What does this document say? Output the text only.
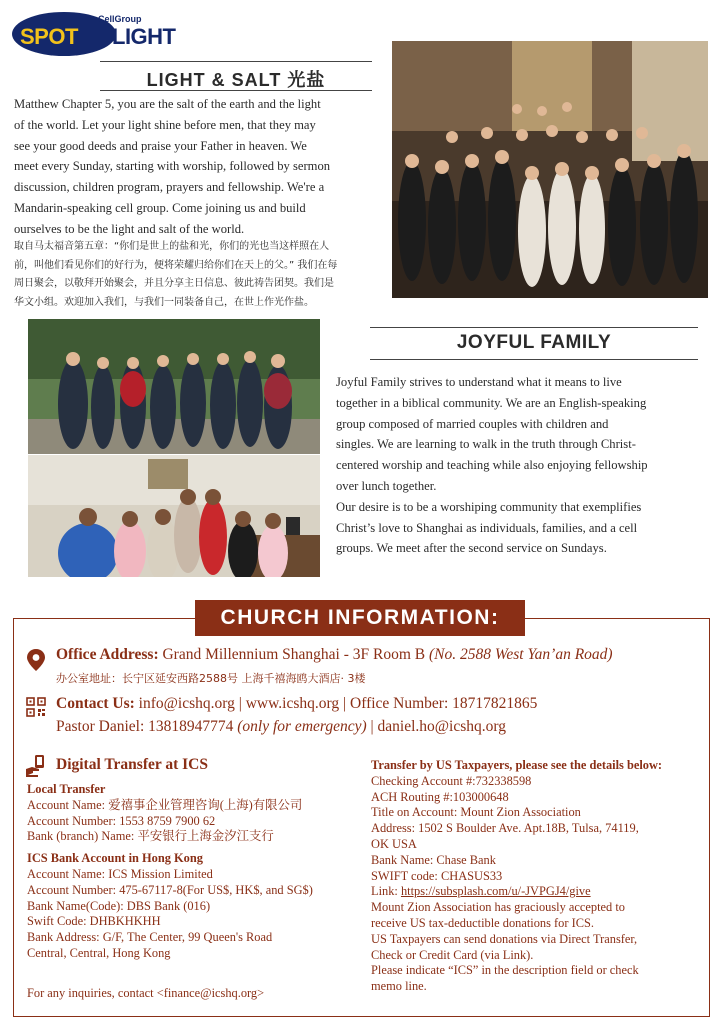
SPOT
CellGroup
LIGHT
LIGHT & SALT 光盐
Matthew Chapter 5, you are the salt of the earth and the light
of the world. Let your light shine before men, that they may
see your good deeds and praise your Father in heaven. We
meet every Sunday, starting with worship, followed by sermon
discussion, children program, prayers and fellowship. We're a
Mandarin-speaking cell group. Come joining us and build
ourselves to be the light and salt of the world.
取自马太福音第五章：“你们是世上的盐和光，你们的光也当这样照在人
前，叫他们看见你们的好行为，便将荣耀归给你们在天上的父。” 我们在每
周日聚会，以敬拜开始聚会，并且分享主日信息、彼此祷告团契。我们是
华文小组。欢迎加入我们，与我们一同装备自己，在世上作光作盐。
JOYFUL FAMILY
Joyful Family strives to understand what it means to live
together in a biblical community. We are an English-speaking
group composed of married couples with children and
singles. We are learning to walk in the truth through Christ-
centered worship and teaching while also enjoying fellowship
over lunch together.
Our desire is to be a worshiping community that exemplifies
Christ’s love to Shanghai as individuals, families, and a cell
groups. We meet after the second service on Sundays.
CHURCH INFORMATION:
Office Address: Grand Millennium Shanghai - 3F Room B (No. 2588 West Yan’an Road)
办公室地址：长宁区延安西路2588号 上海千禧海鸥大酒店· 3楼
Contact Us: info@icshq.org | www.icshq.org | Office Number: 18717821865
Pastor Daniel: 13818947774 (only for emergency) | daniel.ho@icshq.org
Digital Transfer at ICS
Local Transfer
Account Name: 爱禧事企业管理咨询(上海)有限公司
Account Number: 1553 8759 7900 62
Bank (branch) Name: 平安银行上海金汐江支行
ICS Bank Account in Hong Kong
Account Name: ICS Mission Limited
Account Number: 475-67117-8(For US$, HK$, and SG$)
Bank Name(Code): DBS Bank (016)
Swift Code: DHBKHKHH
Bank Address: G/F, The Center, 99 Queen's Road
Central, Central, Hong Kong
For any inquiries, contact <finance@icshq.org>
Transfer by US Taxpayers, please see the details below:
Checking Account #:732338598
ACH Routing #:103000648
Title on Account: Mount Zion Association
Address: 1502 S Boulder Ave. Apt.18B, Tulsa, 74119,
OK USA
Bank Name: Chase Bank
SWIFT code: CHASUS33
Link: https://subsplash.com/u/-JVPGJ4/give
Mount Zion Association has graciously accepted to
receive US tax-deductible donations for ICS.
US Taxpayers can send donations via Direct Transfer,
Check or Credit Card (via Link).
Please indicate “ICS” in the description field or check
memo line.
